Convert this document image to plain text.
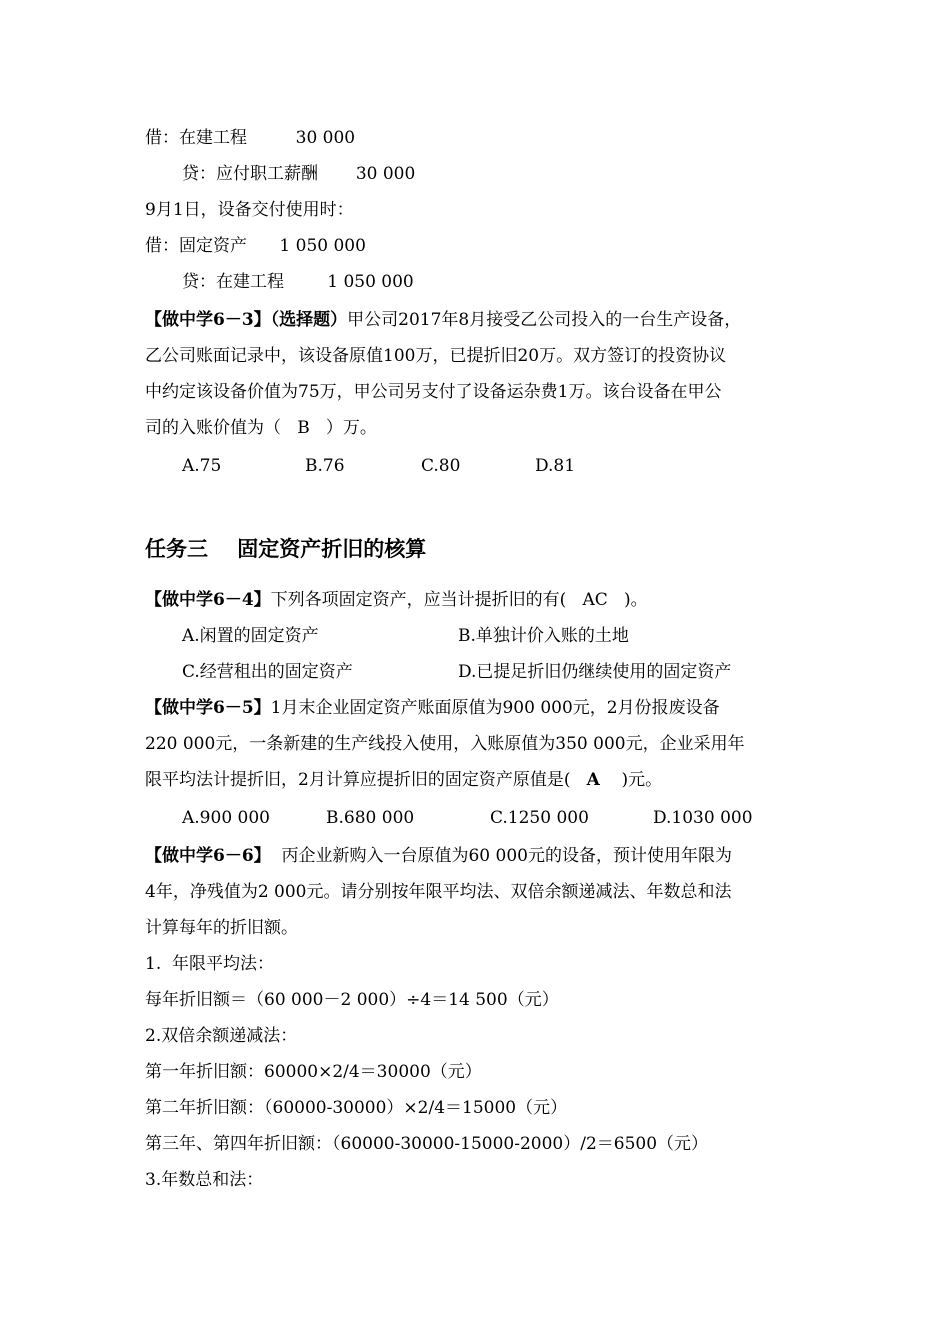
借：在建工程         30 000
贷：应付职工薪酬       30 000
9月1日，设备交付使用时：
借：固定资产      1 050 000
贷：在建工程        1 050 000
【做中学6－3】（选择题）甲公司2017年8月接受乙公司投入的一台生产设备，
乙公司账面记录中，该设备原值100万，已提折旧20万。双方签订的投资协议
中约定该设备价值为75万，甲公司另支付了设备运杂费1万。该台设备在甲公
司的入账价值为（   B   ）万。
A.75	B.76	C.80	D.81
任务三    固定资产折旧的核算
【做中学6－4】下列各项固定资产，应当计提折旧的有(   AC   )。
A.闲置的固定资产	B.单独计价入账的土地
C.经营租出的固定资产	D.已提足折旧仍继续使用的固定资产
【做中学6－5】1月末企业固定资产账面原值为900 000元，2月份报废设备
220 000元，一条新建的生产线投入使用，入账原值为350 000元，企业采用年
限平均法计提折旧，2月计算应提折旧的固定资产原值是(   A    )元。
A.900 000	B.680 000	C.1250 000	D.1030 000
【做中学6－6】  丙企业新购入一台原值为60 000元的设备，预计使用年限为
4年，净残值为2 000元。请分别按年限平均法、双倍余额递减法、年数总和法
计算每年的折旧额。
1.  年限平均法：
每年折旧额＝（60 000－2 000）÷4＝14 500（元）
2.双倍余额递减法：
第一年折旧额：60000×2/4＝30000（元）
第二年折旧额：（60000-30000）×2/4＝15000（元）
第三年、第四年折旧额：（60000-30000-15000-2000）/2＝6500（元）
3.年数总和法：
